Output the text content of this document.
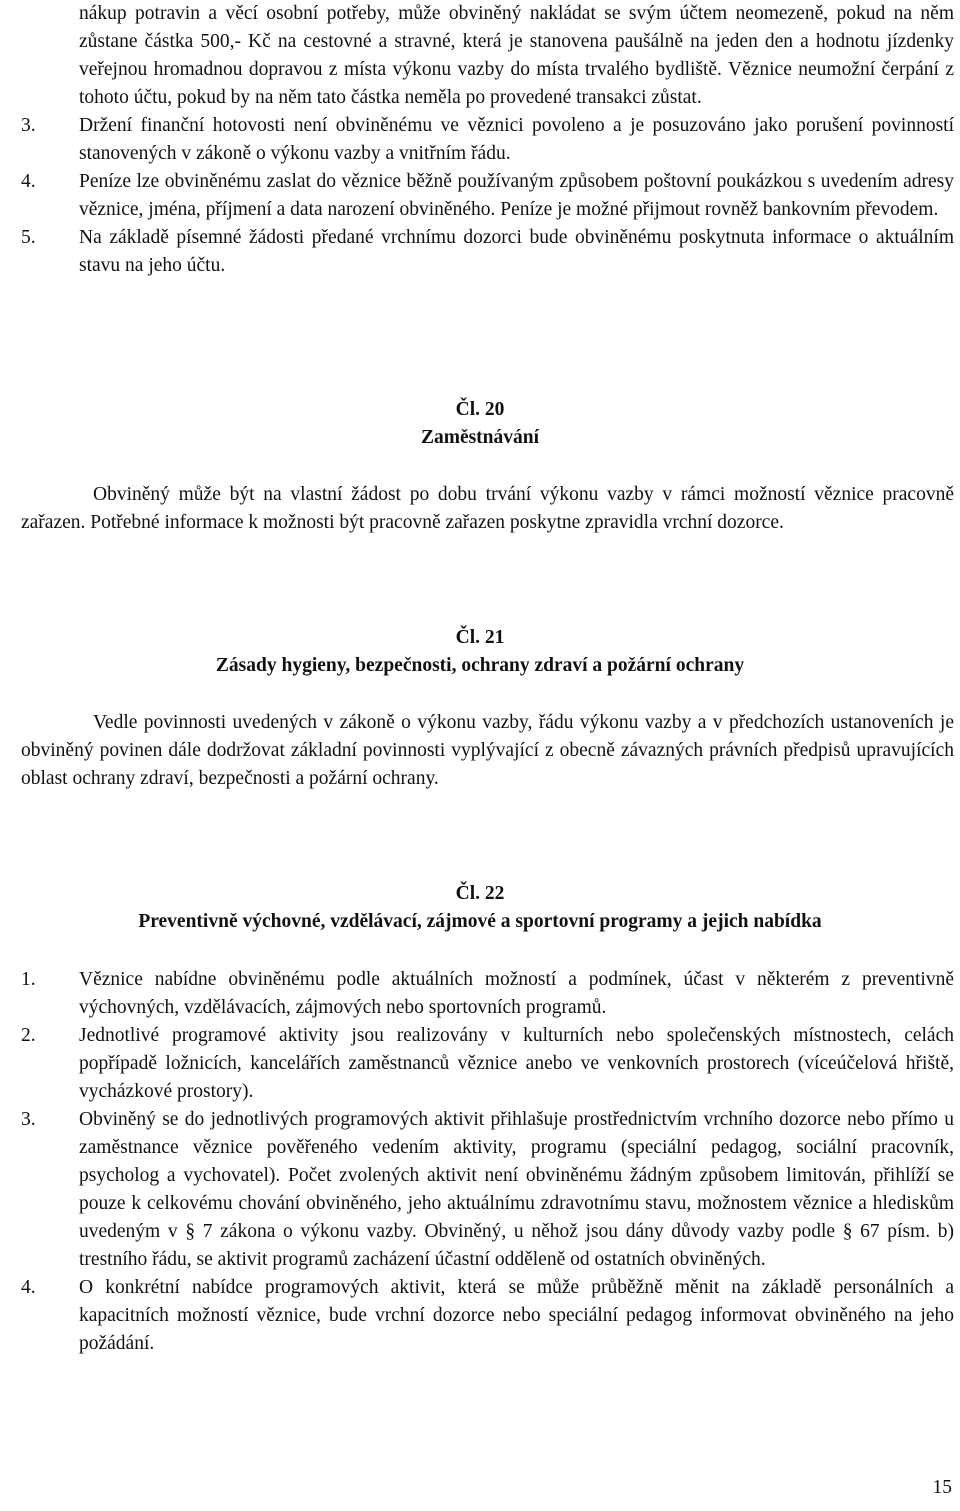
nákup potravin a věcí osobní potřeby, může obviněný nakládat se svým účtem neomezeně, pokud na něm zůstane částka 500,- Kč na cestovné a stravné, která je stanovena paušálně na jeden den a hodnotu jízdenky veřejnou hromadnou dopravou z místa výkonu vazby do místa trvalého bydliště. Věznice neumožní čerpání z tohoto účtu, pokud by na něm tato částka neměla po provedené transakci zůstat.
3. Držení finanční hotovosti není obviněnému ve věznici povoleno a je posuzováno jako porušení povinností stanovených v zákoně o výkonu vazby a vnitřním řádu.
4. Peníze lze obviněnému zaslat do věznice běžně používaným způsobem poštovní poukázkou s uvedením adresy věznice, jména, příjmení a data narození obviněného. Peníze je možné přijmout rovněž bankovním převodem.
5. Na základě písemné žádosti předané vrchnímu dozorci bude obviněnému poskytnuta informace o aktuálním stavu na jeho účtu.
Čl. 20
Zaměstnávání
Obviněný může být na vlastní žádost po dobu trvání výkonu vazby v rámci možností věznice pracovně zařazen. Potřebné informace k možnosti být pracovně zařazen poskytne zpravidla vrchní dozorce.
Čl. 21
Zásady hygieny, bezpečnosti, ochrany zdraví a požární ochrany
Vedle povinnosti uvedených v zákoně o výkonu vazby, řádu výkonu vazby a v předchozích ustanoveních je obviněný povinen dále dodržovat základní povinnosti vyplývající z obecně závazných právních předpisů upravujících oblast ochrany zdraví, bezpečnosti a požární ochrany.
Čl. 22
Preventivně výchovné, vzdělávací, zájmové a sportovní programy a jejich nabídka
1. Věznice nabídne obviněnému podle aktuálních možností a podmínek, účast v některém z preventivně výchovných, vzdělávacích, zájmových nebo sportovních programů.
2. Jednotlivé programové aktivity jsou realizovány v kulturních nebo společenských místnostech, celách popřípadě ložnicích, kancelářích zaměstnanců věznice anebo ve venkovních prostorech (víceúčelová hřiště, vycházkové prostory).
3. Obviněný se do jednotlivých programových aktivit přihlašuje prostřednictvím vrchního dozorce nebo přímo u zaměstnance věznice pověřeného vedením aktivity, programu (speciální pedagog, sociální pracovník, psycholog a vychovatel). Počet zvolených aktivit není obviněnému žádným způsobem limitován, přihlíží se pouze k celkovému chování obviněného, jeho aktuálnímu zdravotnímu stavu, možnostem věznice a hlediskům uvedeným v § 7 zákona o výkonu vazby. Obviněný, u něhož jsou dány důvody vazby podle § 67 písm. b) trestního řádu, se aktivit programů zacházení účastní odděleně od ostatních obviněných.
4. O konkrétní nabídce programových aktivit, která se může průběžně měnit na základě personálních a kapacitních možností věznice, bude vrchní dozorce nebo speciální pedagog informovat obviněného na jeho požádání.
15
